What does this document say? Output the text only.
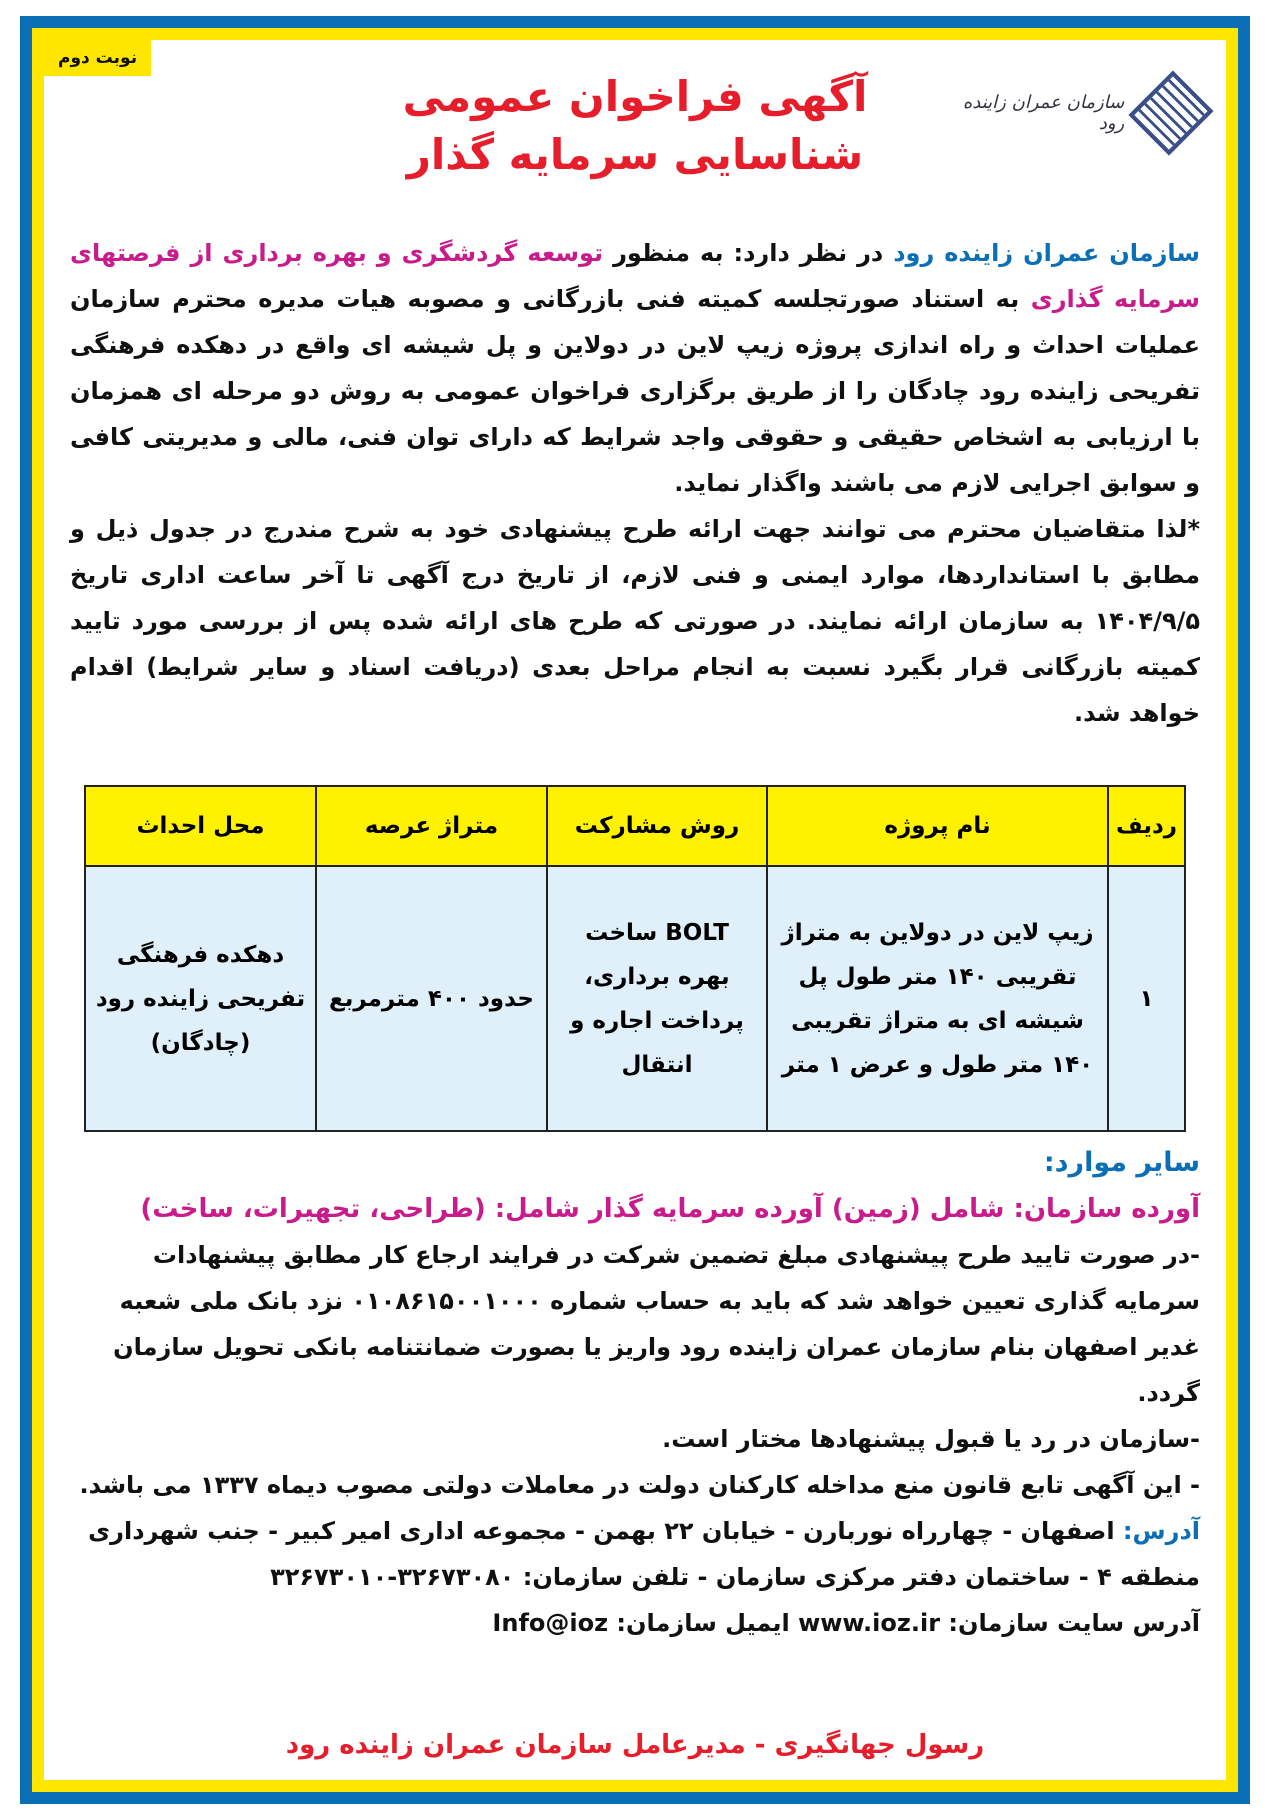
نوبت دوم
سازمان عمران زاینده رود
آگهی فراخوان عمومی
شناسایی سرمایه گذار

سازمان عمران زاینده رود در نظر دارد: به منظور توسعه گردشگری و بهره برداری از فرصتهای سرمایه گذاری به استناد صورتجلسه کمیته فنی بازرگانی و مصوبه هیات مدیره محترم سازمان عملیات احداث و راه اندازی پروژه زیپ لاین در دولاین و پل شیشه ای واقع در دهکده فرهنگی تفریحی زاینده رود چادگان را از طریق برگزاری فراخوان عمومی به روش دو مرحله ای همزمان با ارزیابی به اشخاص حقیقی و حقوقی واجد شرایط که دارای توان فنی، مالی و مدیریتی کافی و سوابق اجرایی لازم می باشند واگذار نماید.

*لذا متقاضیان محترم می توانند جهت ارائه طرح پیشنهادی خود به شرح مندرج در جدول ذیل و مطابق با استانداردها، موارد ایمنی و فنی لازم، از تاریخ درج آگهی تا آخر ساعت اداری تاریخ ۱۴۰۴/۹/۵ به سازمان ارائه نمایند. در صورتی که طرح های ارائه شده پس از بررسی مورد تایید کمیته بازرگانی قرار بگیرد نسبت به انجام مراحل بعدی (دریافت اسناد و سایر شرایط) اقدام خواهد شد.

ردیف	نام پروژه	روش مشارکت	متراژ عرصه	محل احداث
۱	زیپ لاین در دولاین به متراژ تقریبی ۱۴۰ متر طول پل شیشه ای به متراژ تقریبی ۱۴۰ متر طول و عرض ۱ متر	BOLT ساخت بهره برداری، پرداخت اجاره و انتقال	حدود ۴۰۰ مترمربع	دهکده فرهنگی تفریحی زاینده رود (چادگان)
سایر موارد:
آورده سازمان: شامل (زمین) آورده سرمایه گذار شامل: (طراحی، تجهیرات، ساخت)

-در صورت تایید طرح پیشنهادی مبلغ تضمین شرکت در فرایند ارجاع کار مطابق پیشنهادات سرمایه گذاری تعیین خواهد شد که باید به حساب شماره ۰۱۰۸۶۱۵۰۰۱۰۰۰ نزد بانک ملی شعبه غدیر اصفهان بنام سازمان عمران زاینده رود واریز یا بصورت ضمانتنامه بانکی تحویل سازمان گردد.

-سازمان در رد یا قبول پیشنهادها مختار است.

- این آگهی تابع قانون منع مداخله کارکنان دولت در معاملات دولتی مصوب دیماه ۱۳۳۷ می باشد.

آدرس: اصفهان - چهارراه نوربارن - خیابان ۲۲ بهمن - مجموعه اداری امیر کبیر - جنب شهرداری منطقه ۴ - ساختمان دفتر مرکزی سازمان - تلفن سازمان: ۳۲۶۷۳۰۸۰-۳۲۶۷۳۰۱۰

آدرس سایت سازمان: www.ioz.ir ایمیل سازمان: Info@ioz

رسول جهانگیری - مدیرعامل سازمان عمران زاینده رود
